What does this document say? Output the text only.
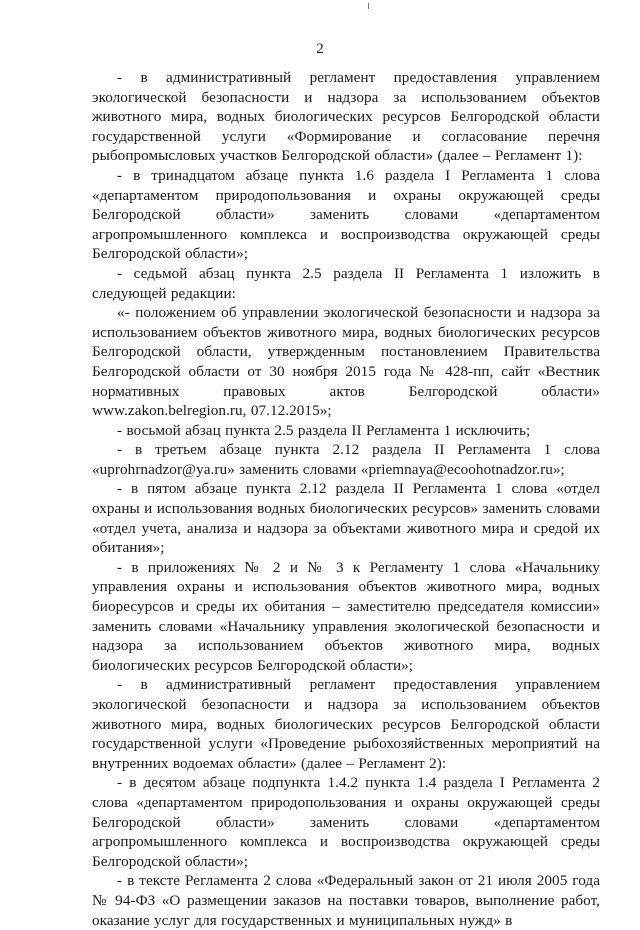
2

- в административный регламент предоставления управлением экологической безопасности и надзора за использованием объектов животного мира, водных биологических ресурсов Белгородской области государственной услуги «Формирование и согласование перечня рыбопромысловых участков Белгородской области» (далее – Регламент 1):

- в тринадцатом абзаце пункта 1.6 раздела I Регламента 1 слова «департаментом природопользования и охраны окружающей среды Белгородской области» заменить словами «департаментом агропромышленного комплекса и воспроизводства окружающей среды Белгородской области»;

- седьмой абзац пункта 2.5 раздела II Регламента 1 изложить в следующей редакции:

«- положением об управлении экологической безопасности и надзора за использованием объектов животного мира, водных биологических ресурсов Белгородской области, утвержденным постановлением Правительства Белгородской области от 30 ноября 2015 года № 428-пп, сайт «Вестник нормативных правовых актов Белгородской области» www.zakon.belregion.ru, 07.12.2015»;

- восьмой абзац пункта 2.5 раздела II Регламента 1 исключить;

- в третьем абзаце пункта 2.12 раздела II Регламента 1 слова «uprohrnadzor@ya.ru» заменить словами «priemnaya@ecoohotnadzor.ru»;

- в пятом абзаце пункта 2.12 раздела II Регламента 1 слова «отдел охраны и использования водных биологических ресурсов» заменить словами «отдел учета, анализа и надзора за объектами животного мира и средой их обитания»;

- в приложениях № 2 и № 3 к Регламенту 1 слова «Начальнику управления охраны и использования объектов животного мира, водных биоресурсов и среды их обитания – заместителю председателя комиссии» заменить словами «Начальнику управления экологической безопасности и надзора за использованием объектов животного мира, водных биологических ресурсов Белгородской области»;

- в административный регламент предоставления управлением экологической безопасности и надзора за использованием объектов животного мира, водных биологических ресурсов Белгородской области государственной услуги «Проведение рыбохозяйственных мероприятий на внутренних водоемах области» (далее – Регламент 2):

- в десятом абзаце подпункта 1.4.2 пункта 1.4 раздела I Регламента 2 слова «департаментом природопользования и охраны окружающей среды Белгородской области» заменить словами «департаментом агропромышленного комплекса и воспроизводства окружающей среды Белгородской области»;

- в тексте Регламента 2 слова «Федеральный закон от 21 июля 2005 года № 94-ФЗ «О размещении заказов на поставки товаров, выполнение работ, оказание услуг для государственных и муниципальных нужд» в
